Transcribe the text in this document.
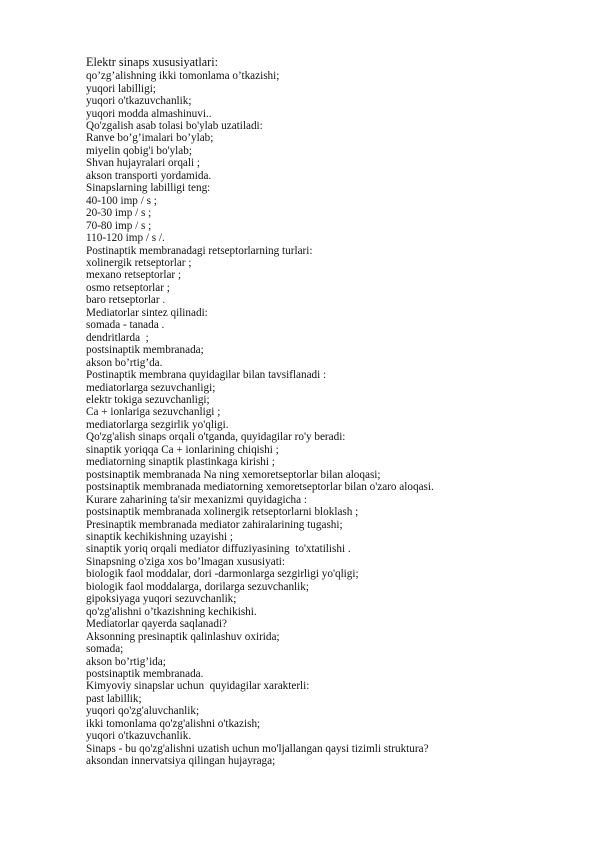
Elektr sinaps xususiyatlari:
qo’zg’alishning ikki tomonlama o’tkazishi;
yuqori labilligi;
yuqori o'tkazuvchanlik;
yuqori modda almashinuvi..
Qo'zgalish asab tolasi bo'ylab uzatiladi:
Ranve bo’g’imalari bo’ylab;
miyelin qobig'i bo'ylab;
Shvan hujayralari orqali ;
akson transporti yordamida.
Sinapslarning labilligi teng:
40-100 imp / s ;
20-30 imp / s ;
70-80 imp / s ;
110-120 imp / s /.
Postinaptik membranadagi retseptorlarning turlari:
xolinergik retseptorlar ;
mexano retseptorlar ;
osmo retseptorlar ;
baro retseptorlar .
Mediatorlar sintez qilinadi:
somada - tanada .
dendritlarda  ;
postsinaptik membranada;
akson bo’rtig’da.
Postinaptik membrana quyidagilar bilan tavsiflanadi :
mediatorlarga sezuvchanligi;
elektr tokiga sezuvchanligi;
Ca + ionlariga sezuvchanligi ;
mediatorlarga sezgirlik yo'qligi.
Qo'zg'alish sinaps orqali o'tganda, quyidagilar ro'y beradi:
sinaptik yoriqqa Ca + ionlarining chiqishi ;
mediatorning sinaptik plastinkaga kirishi ;
postsinaptik membranada Na ning xemoretseptorlar bilan aloqasi;
postsinaptik membranada mediatorning xemoretseptorlar bilan o'zaro aloqasi.
Kurare zaharining ta'sir mexanizmi quyidagicha :
postsinaptik membranada xolinergik retseptorlarni bloklash ;
Presinaptik membranada mediator zahiralarining tugashi;
sinaptik kechikishning uzayishi ;
sinaptik yoriq orqali mediator diffuziyasining  to'xtatilishi .
Sinapsning o'ziga xos bo’lmagan xususiyati:
biologik faol moddalar, dori -darmonlarga sezgirligi yo'qligi;
biologik faol moddalarga, dorilarga sezuvchanlik;
gipoksiyaga yuqori sezuvchanlik;
qo'zg'alishni o’tkazishning kechikishi.
Mediatorlar qayerda saqlanadi?
Aksonning presinaptik qalinlashuv oxirida;
somada;
akson bo’rtig’ida;
postsinaptik membranada.
Kimyoviy sinapslar uchun  quyidagilar xarakterli:
past labillik;
yuqori qo'zg'aluvchanlik;
ikki tomonlama qo'zg'alishni o'tkazish;
yuqori o'tkazuvchanlik.
Sinaps - bu qo'zg'alishni uzatish uchun mo'ljallangan qaysi tizimli struktura?
aksondan innervatsiya qilingan hujayraga;
